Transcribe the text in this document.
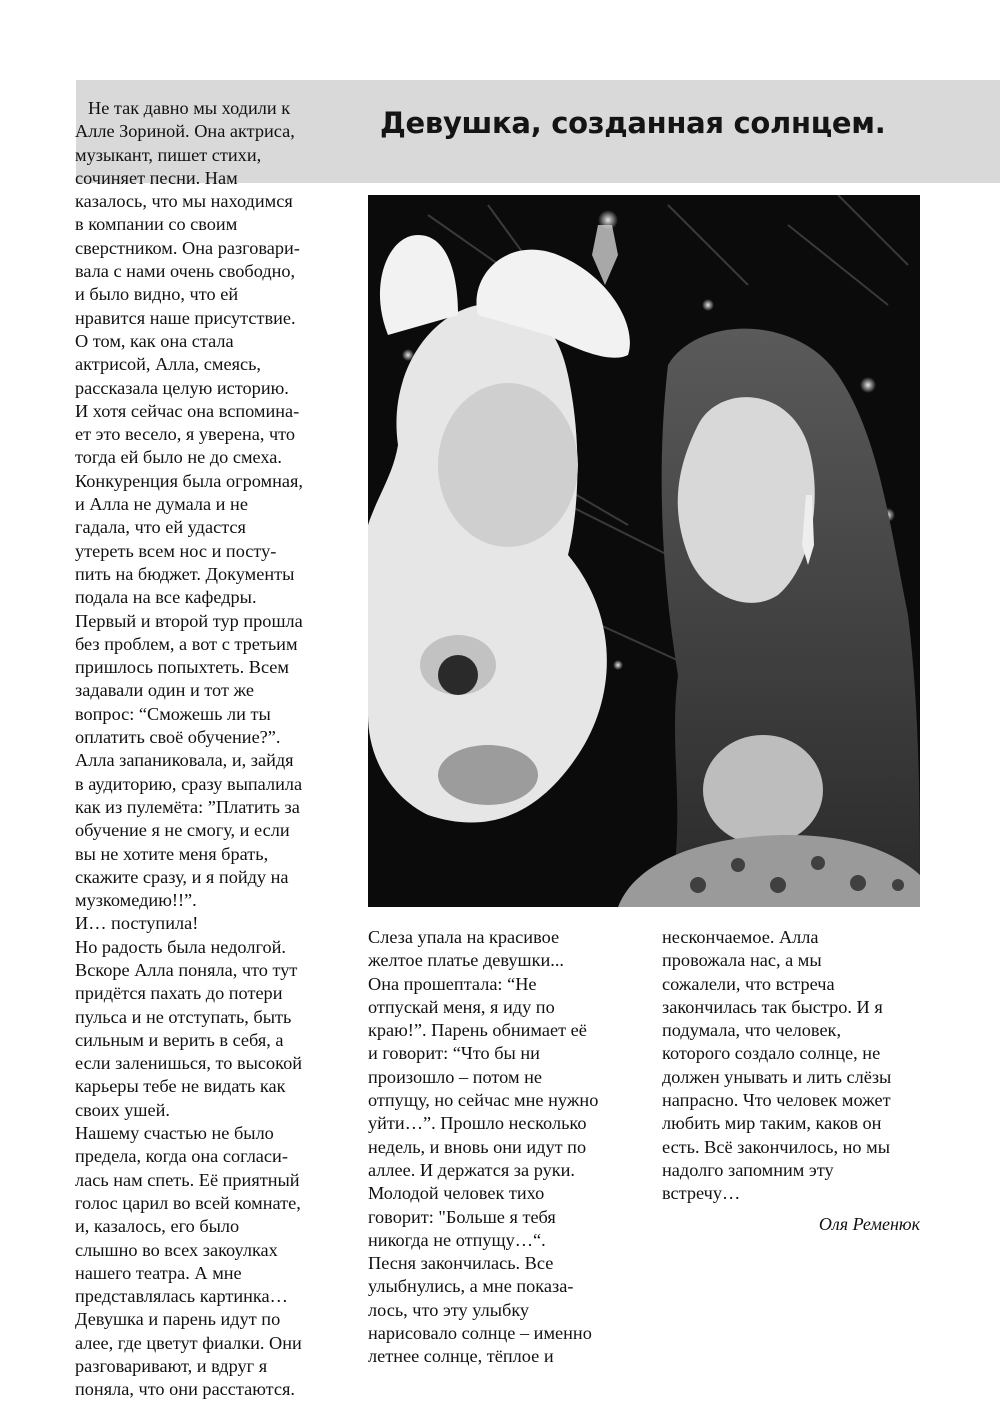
Девушка, созданная солнцем.
Не так давно мы ходили к
Алле Зориной. Она актриса,
музыкант, пишет стихи,
сочиняет песни. Нам
казалось, что мы находимся
в компании со своим
сверстником. Она разговари-
вала с нами очень свободно,
и было видно, что ей
нравится наше присутствие.
О том, как она стала
актрисой, Алла, смеясь,
рассказала целую историю.
И хотя сейчас она вспомина-
ет это весело, я уверена, что
тогда ей было не до смеха.
Конкуренция была огромная,
и Алла не думала и не
гадала, что ей удастся
утереть всем нос и посту-
пить на бюджет. Документы
подала на все кафедры.
Первый и второй тур прошла
без проблем, а вот с третьим
пришлось попыхтеть. Всем
задавали один и тот же
вопрос: “Сможешь ли ты
оплатить своё обучение?”.
Алла запаниковала, и, зайдя
в аудиторию, сразу выпалила
как из пулемёта: ”Платить за
обучение я не смогу, и если
вы не хотите меня брать,
скажите сразу, и я пойду на
музкомедию!!”.
И… поступила!
Но радость была недолгой.
Вскоре Алла поняла, что тут
придётся пахать до потери
пульса и не отступать, быть
сильным и верить в себя, а
если заленишься, то высокой
карьеры тебе не видать как
своих ушей.
Нашему счастью не было
предела, когда она согласи-
лась нам спеть. Её приятный
голос царил во всей комнате,
и, казалось, его было
слышно во всех закоулках
нашего театра. А мне
представлялась картинка…
Девушка и парень идут по
алее, где цветут фиалки. Они
разговаривают, и вдруг я
поняла, что они расстаются.
Слеза упала на красивое
желтое платье девушки...
Она прошептала: “Не
отпускай меня, я иду по
краю!”. Парень обнимает её
и говорит: “Что бы ни
произошло – потом не
отпущу, но сейчас мне нужно
уйти…”. Прошло несколько
недель, и вновь они идут по
аллее. И держатся за руки.
Молодой человек тихо
говорит: "Больше я тебя
никогда не отпущу…“.
Песня закончилась. Все
улыбнулись, а мне показа-
лось, что эту улыбку
нарисовало солнце – именно
летнее солнце, тёплое и
нескончаемое. Алла
провожала нас, а мы
сожалели, что встреча
закончилась так быстро. И я
подумала, что человек,
которого создало солнце, не
должен унывать и лить слёзы
напрасно. Что человек может
любить мир таким, каков он
есть. Всё закончилось, но мы
надолго запомним эту
встречу…
Оля Ременюк
